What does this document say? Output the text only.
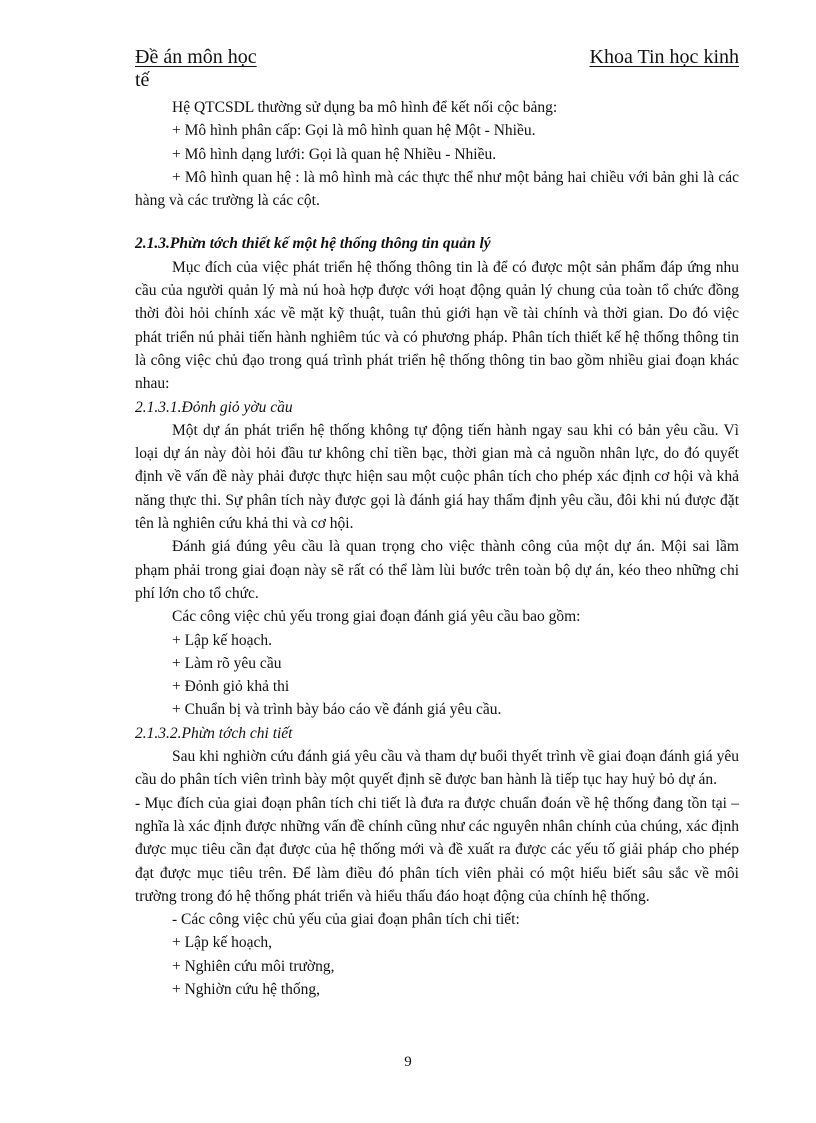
Đề án môn học	Khoa Tin học kinh
tế

Hệ QTCSDL thường sử dụng ba mô hình để kết nối cộc bảng:

+ Mô hình phân cấp: Gọi là mô hình quan hệ Một - Nhiều.

+ Mô hình dạng lưới: Gọi là quan hệ Nhiều - Nhiều.

+ Mô hình quan hệ : là mô hình mà các thực thể như một bảng hai chiều với bản ghi là các hàng và các trường là các cột.

2.1.3.Phừn tớch thiết kế một hệ thống thông tin quản lý

Mục đích của việc phát triển hệ thống thông tin là để có được một sản phẩm đáp ứng nhu cầu của người quản lý mà nú hoà hợp được với hoạt động quản lý chung của toàn tổ chức đồng thời đòi hỏi chính xác về mặt kỹ thuật, tuân thủ giới hạn về tài chính và thời gian. Do đó việc phát triển nú phải tiến hành nghiêm túc và có phương pháp. Phân tích thiết kế hệ thống thông tin là công việc chủ đạo trong quá trình phát triển hệ thống thông tin bao gồm nhiều giai đoạn khác nhau:

2.1.3.1.Đỏnh giỏ yờu cầu

Một dự án phát triển hệ thống không tự động tiến hành ngay sau khi có bản yêu cầu. Vì loại dự án này đòi hỏi đầu tư không chỉ tiền bạc, thời gian mà cả nguồn nhân lực, do đó quyết định về vấn đề này phải được thực hiện sau một cuộc phân tích cho phép xác định cơ hội và khả năng thực thi. Sự phân tích này được gọi là đánh giá hay thẩm định yêu cầu, đôi khi nú được đặt tên là nghiên cứu khả thi và cơ hội.

Đánh giá đúng yêu cầu là quan trọng cho việc thành công của một dự án. Mội sai lầm phạm phải trong giai đoạn này sẽ rất có thể làm lùi bước trên toàn bộ dự án, kéo theo những chi phí lớn cho tổ chức.

Các công việc chủ yếu trong giai đoạn đánh giá yêu cầu bao gồm:

+ Lập kế hoạch.

+ Làm rõ yêu cầu

+ Đỏnh giỏ khả thi

+ Chuẩn bị và trình bày báo cáo về đánh giá yêu cầu.

2.1.3.2.Phừn tớch chi tiết

Sau khi nghiờn cứu đánh giá yêu cầu và tham dự buổi thyết trình về giai đoạn đánh giá yêu cầu do phân tích viên trình bày một quyết định sẽ được ban hành là tiếp tục hay huỷ bỏ dự án.

- Mục đích của giai đoạn phân tích chi tiết là đưa ra được chuẩn đoán về hệ thống đang tồn tại – nghĩa là xác định được những vấn đề chính cũng như các nguyên nhân chính của chúng, xác định được mục tiêu cần đạt được của hệ thống mới và đề xuất ra được các yếu tố giải pháp cho phép đạt được mục tiêu trên. Để làm điều đó phân tích viên phải có một hiểu biết sâu sắc về môi trường trong đó hệ thống phát triển và hiểu thấu đáo hoạt động của chính hệ thống.

- Các công việc chủ yếu của giai đoạn phân tích chi tiết:

+ Lập kế hoạch,

+ Nghiên cứu môi trường,

+ Nghiờn cứu hệ thống,

9
